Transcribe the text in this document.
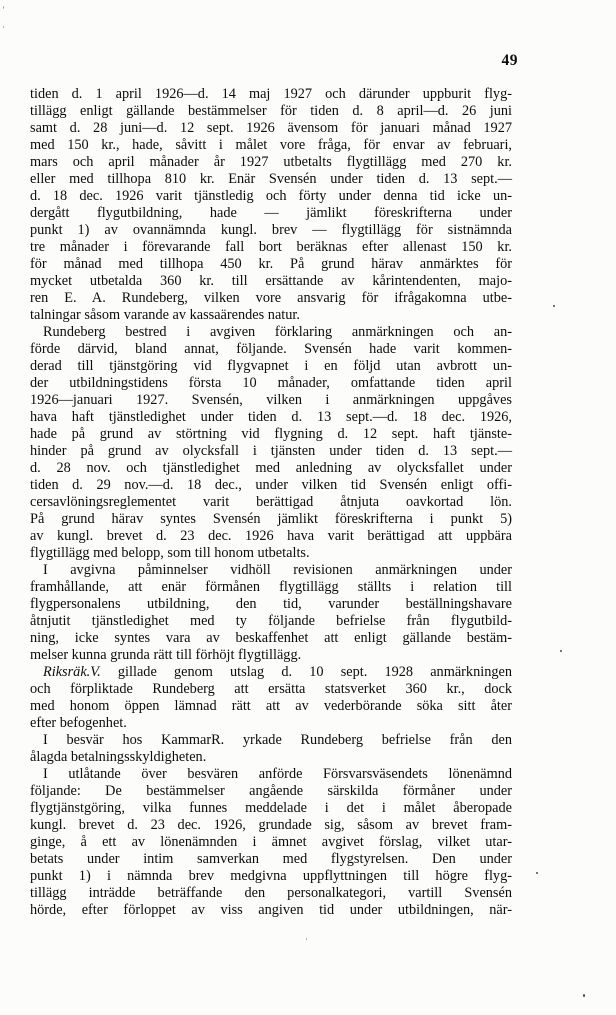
49
tiden d. 1 april 1926—d. 14 maj 1927 och därunder uppburit flyg-
tillägg enligt gällande bestämmelser för tiden d. 8 april—d. 26 juni
samt d. 28 juni—d. 12 sept. 1926 ävensom för januari månad 1927
med 150 kr., hade, såvitt i målet vore fråga, för envar av februari,
mars och april månader år 1927 utbetalts flygtillägg med 270 kr.
eller med tillhopa 810 kr. Enär Svensén under tiden d. 13 sept.—
d. 18 dec. 1926 varit tjänstledig och förty under denna tid icke un-
dergått flygutbildning, hade — jämlikt föreskrifterna under
punkt 1) av ovannämnda kungl. brev — flygtillägg för sistnämnda
tre månader i förevarande fall bort beräknas efter allenast 150 kr.
för månad med tillhopa 450 kr. På grund härav anmärktes för
mycket utbetalda 360 kr. till ersättande av kårintendenten, majo-
ren E. A. Rundeberg, vilken vore ansvarig för ifrågakomna utbe-
talningar såsom varande av kassaärendes natur.
Rundeberg bestred i avgiven förklaring anmärkningen och an-
förde därvid, bland annat, följande. Svensén hade varit kommen-
derad till tjänstgöring vid flygvapnet i en följd utan avbrott un-
der utbildningstidens första 10 månader, omfattande tiden april
1926—januari 1927. Svensén, vilken i anmärkningen uppgåves
hava haft tjänstledighet under tiden d. 13 sept.—d. 18 dec. 1926,
hade på grund av störtning vid flygning d. 12 sept. haft tjänste-
hinder på grund av olycksfall i tjänsten under tiden d. 13 sept.—
d. 28 nov. och tjänstledighet med anledning av olycksfallet under
tiden d. 29 nov.—d. 18 dec., under vilken tid Svensén enligt offi-
cersavlöningsreglementet varit berättigad åtnjuta oavkortad lön.
På grund härav syntes Svensén jämlikt föreskrifterna i punkt 5)
av kungl. brevet d. 23 dec. 1926 hava varit berättigad att uppbära
flygtillägg med belopp, som till honom utbetalts.
I avgivna påminnelser vidhöll revisionen anmärkningen under
framhållande, att enär förmånen flygtillägg ställts i relation till
flygpersonalens utbildning, den tid, varunder beställningshavare
åtnjutit tjänstledighet med ty följande befrielse från flygutbild-
ning, icke syntes vara av beskaffenhet att enligt gällande bestäm-
melser kunna grunda rätt till förhöjt flygtillägg.
Riksräk.V. gillade genom utslag d. 10 sept. 1928 anmärkningen
och förpliktade Rundeberg att ersätta statsverket 360 kr., dock
med honom öppen lämnad rätt att av vederbörande söka sitt åter
efter befogenhet.
I besvär hos KammarR. yrkade Rundeberg befrielse från den
ålagda betalningsskyldigheten.
I utlåtande över besvären anförde Försvarsväsendets lönenämnd
följande: De bestämmelser angående särskilda förmåner under
flygtjänstgöring, vilka funnes meddelade i det i målet åberopade
kungl. brevet d. 23 dec. 1926, grundade sig, såsom av brevet fram-
ginge, å ett av lönenämnden i ämnet avgivet förslag, vilket utar-
betats under intim samverkan med flygstyrelsen. Den under
punkt 1) i nämnda brev medgivna uppflyttningen till högre flyg-
tillägg inträdde beträffande den personalkategori, vartill Svensén
hörde, efter förloppet av viss angiven tid under utbildningen, när-
